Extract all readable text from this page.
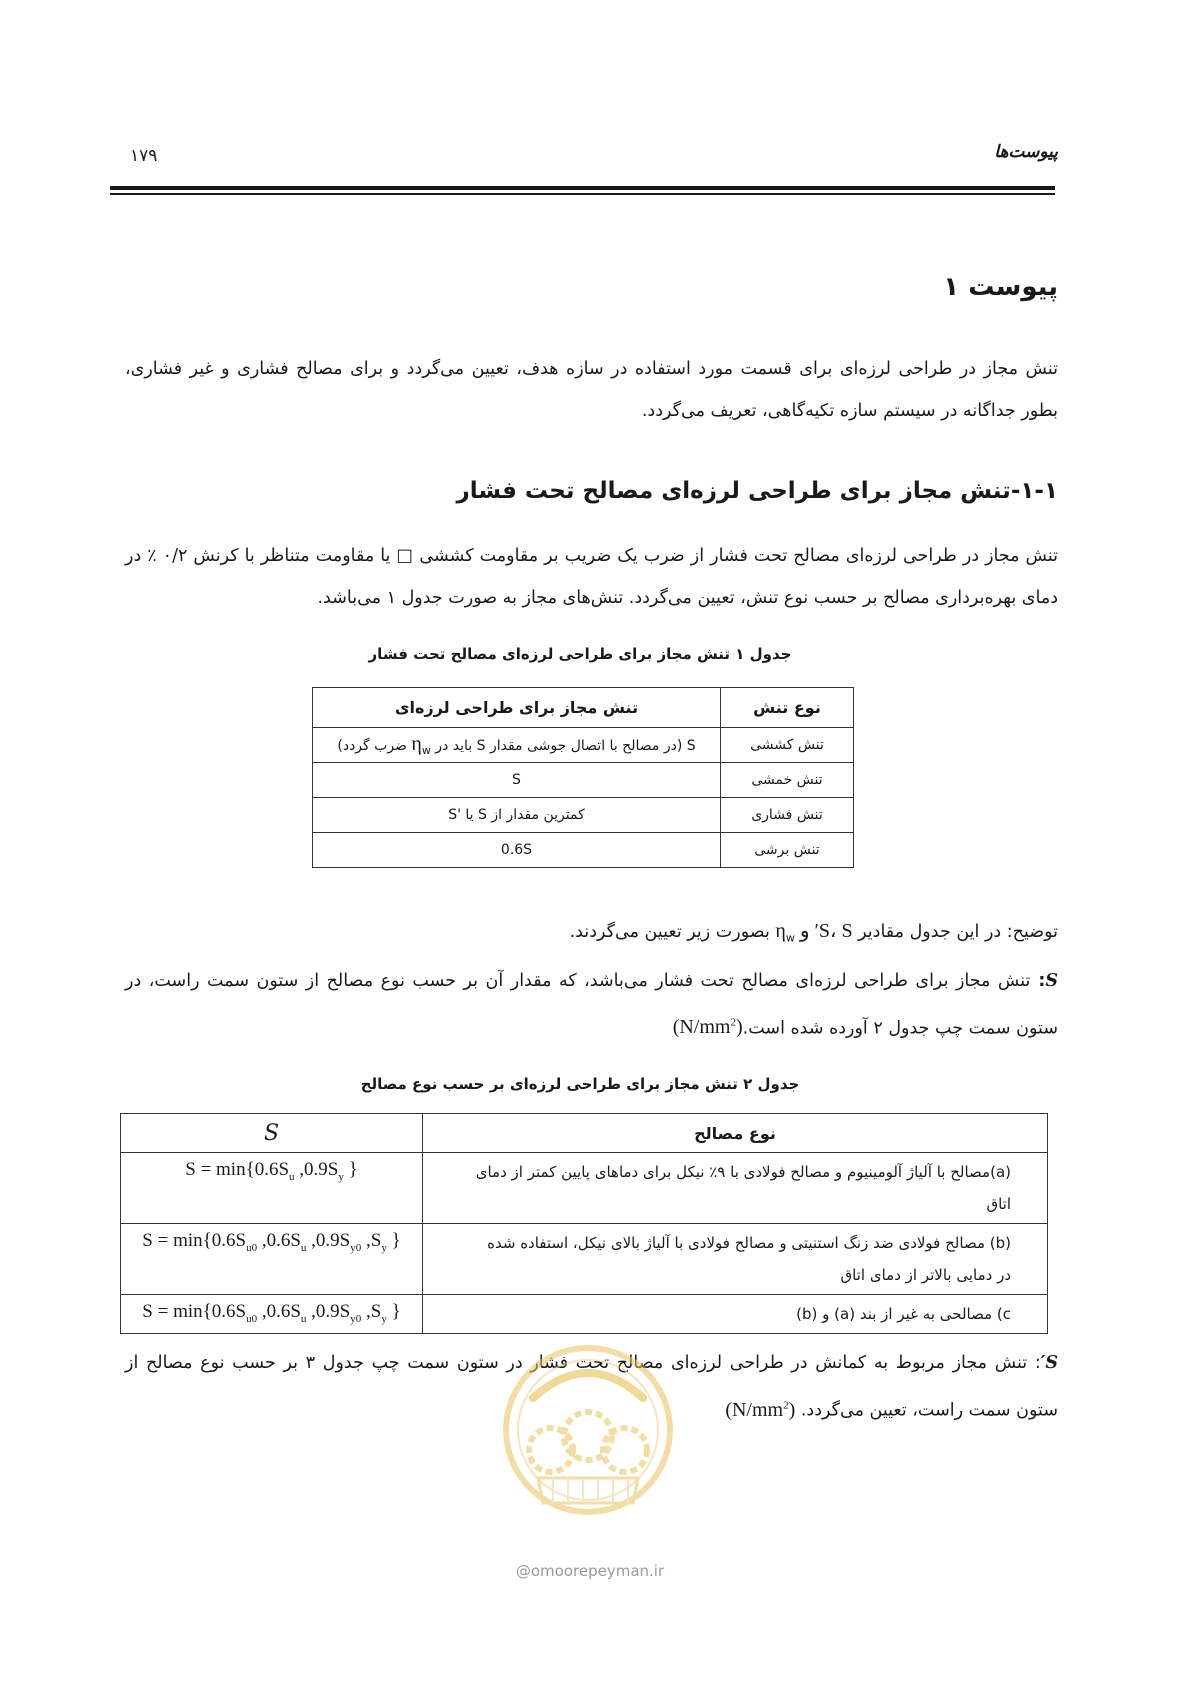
پیوست‌ها
۱۷۹
پیوست ۱
تنش مجاز در طراحی لرزه‌ای برای قسمت مورد استفاده در سازه هدف، تعیین می‌گردد و برای مصالح فشاری و غیر فشاری، بطور جداگانه در سیستم سازه تکیه‌گاهی، تعریف می‌گردد.
۱-۱-تنش مجاز برای طراحی لرزه‌ای مصالح تحت فشار
تنش مجاز در طراحی لرزه‌ای مصالح تحت فشار از ضرب یک ضریب بر مقاومت کششی □ یا مقاومت متناظر با کرنش ۰/۲ ٪ در دمای بهره‌برداری مصالح بر حسب نوع تنش، تعیین می‌گردد. تنش‌های مجاز به صورت جدول ۱ می‌باشد.
جدول ۱ تنش مجاز برای طراحی لرزه‌ای مصالح تحت فشار
نوع تنش	تنش مجاز برای طراحی لرزه‌ای
تنش کششی	S (در مصالح با اتصال جوشی مقدار S باید در $\eta_w$ ضرب گردد)
تنش خمشی	S
تنش فشاری	کمترین مقدار از S یا 'S
تنش برشی	0.6S
توضیح: در این جدول مقادیر S، S′ و $\eta_w$ بصورت زیر تعیین می‌گردند.
S: تنش مجاز برای طراحی لرزه‌ای مصالح تحت فشار می‌باشد، که مقدار آن بر حسب نوع مصالح از ستون سمت راست، در ستون سمت چپ جدول ۲ آورده شده $است.(N/mm^2)$
جدول ۲ تنش مجاز برای طراحی لرزه‌ای بر حسب نوع مصالح
نوع مصالح	S
(a)مصالح با آلیاژ آلومینیوم و مصالح فولادی با ۹٪ نیکل برای دماهای پایین کمتر از دمای اتاق	$S = \min\{0.6S_u$ $,0.9S_y$ }
(b) مصالح فولادی ضد زنگ استنیتی و مصالح فولادی با آلیاژ بالای نیکل، استفاده شده در دمایی بالاتر از دمای اتاق	$S = \min\{0.6S_{u0}$ $,0.6S_u$ $,0.9S_{y0}$ $,S_y$ }
c) مصالحی به غیر از بند (a) و (b)	$S = \min\{0.6S_{u0}$ $,0.6S_u$ $,0.9S_{y0}$ $,S_y$ }
S′: تنش مجاز مربوط به کمانش در طراحی لرزه‌ای مصالح تحت فشار در ستون سمت چپ جدول ۳ بر حسب نوع مصالح از ستون سمت راست، تعیین می‌گردد. $(N/mm^2)$
@omoorepeyman.ir
